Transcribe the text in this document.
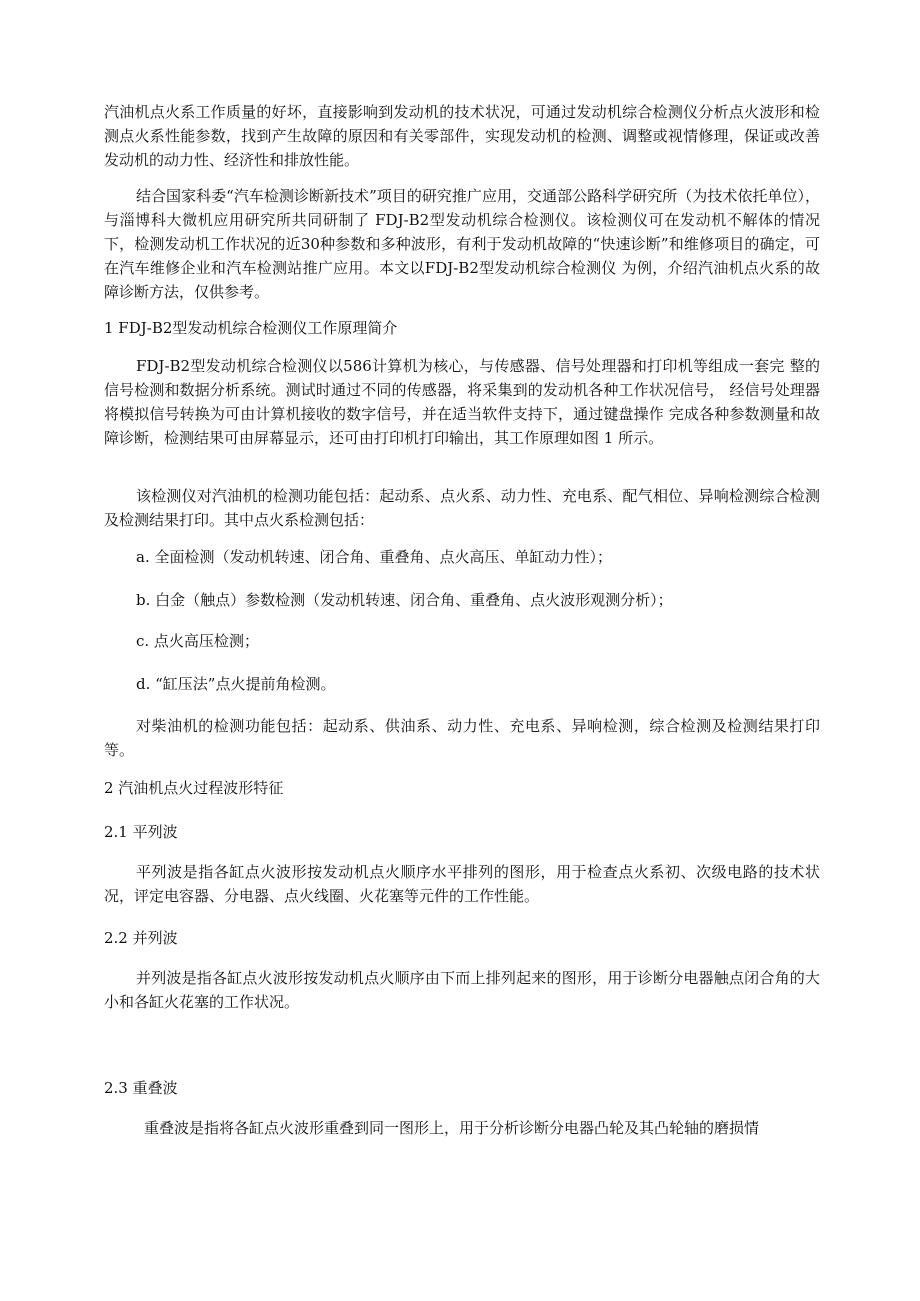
汽油机点火系工作质量的好坏，直接影响到发动机的技术状况，可通过发动机综合检测仪分析点火波形和检测点火系性能参数，找到产生故障的原因和有关零部件，实现发动机的检测、调整或视情修理，保证或改善发动机的动力性、经济性和排放性能。

结合国家科委“汽车检测诊断新技术”项目的研究推广应用，交通部公路科学研究所（为技术依托单位），与淄博科大微机应用研究所共同研制了 FDJ-B2型发动机综合检测仪。该检测仪可在发动机不解体的情况下，检测发动机工作状况的近30种参数和多种波形，有利于发动机故障的“快速诊断”和维修项目的确定，可在汽车维修企业和汽车检测站推广应用。本文以FDJ-B2型发动机综合检测仪 为例，介绍汽油机点火系的故障诊断方法，仅供参考。

1 FDJ-B2型发动机综合检测仪工作原理简介

FDJ-B2型发动机综合检测仪以586计算机为核心，与传感器、信号处理器和打印机等组成一套完 整的信号检测和数据分析系统。测试时通过不同的传感器，将采集到的发动机各种工作状况信号， 经信号处理器将模拟信号转换为可由计算机接收的数字信号，并在适当软件支持下，通过键盘操作 完成各种参数测量和故障诊断，检测结果可由屏幕显示，还可由打印机打印输出，其工作原理如图 1 所示。

该检测仪对汽油机的检测功能包括：起动系、点火系、动力性、充电系、配气相位、异响检测综合检测及检测结果打印。其中点火系检测包括：

a. 全面检测（发动机转速、闭合角、重叠角、点火高压、单缸动力性）；

b. 白金（触点）参数检测（发动机转速、闭合角、重叠角、点火波形观测分析）；

c. 点火高压检测；

d. “缸压法”点火提前角检测。

对柴油机的检测功能包括：起动系、供油系、动力性、充电系、异响检测，综合检测及检测结果打印等。

2 汽油机点火过程波形特征

2.1 平列波

平列波是指各缸点火波形按发动机点火顺序水平排列的图形，用于检查点火系初、次级电路的技术状况，评定电容器、分电器、点火线圈、火花塞等元件的工作性能。

2.2 并列波

并列波是指各缸点火波形按发动机点火顺序由下而上排列起来的图形，用于诊断分电器触点闭合角的大小和各缸火花塞的工作状况。

2.3 重叠波

重叠波是指将各缸点火波形重叠到同一图形上，用于分析诊断分电器凸轮及其凸轮轴的磨损情
